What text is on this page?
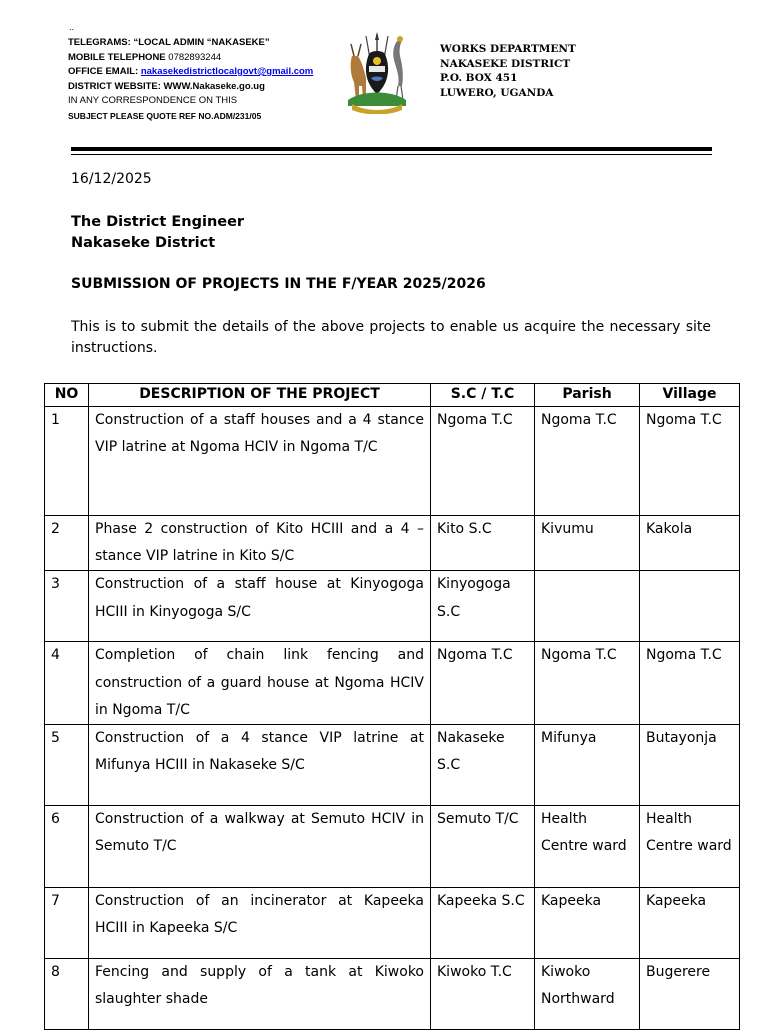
..
TELEGRAMS: “LOCAL ADMIN “NAKASEKE”
MOBILE TELEPHONE 0782893244
OFFICE EMAIL: nakasekedistrictlocalgovt@gmail.com
DISTRICT WEBSITE: WWW.Nakaseke.go.ug
IN ANY CORRESPONDENCE ON THIS
SUBJECT PLEASE QUOTE REF NO.ADM/231/05
WORKS DEPARTMENT
NAKASEKE DISTRICT
P.O. BOX 451
LUWERO, UGANDA
16/12/2025
The District Engineer
Nakaseke District
SUBMISSION OF PROJECTS IN THE F/YEAR 2025/2026
This is to submit the details of the above projects to enable us acquire the necessary site instructions.
NO	DESCRIPTION OF THE PROJECT	S.C / T.C	Parish	Village
1	Construction of a staff houses and a 4 stance VIP latrine at Ngoma HCIV in Ngoma T/C	Ngoma T.C	Ngoma T.C	Ngoma T.C
2	Phase 2 construction of Kito HCIII and a 4 –stance VIP latrine in Kito S/C	Kito S.C	Kivumu	Kakola
3	Construction of a staff house at Kinyogoga HCIII in Kinyogoga S/C	Kinyogoga S.C		
4	Completion of chain link fencing and construction of a guard house at Ngoma HCIV in Ngoma T/C	Ngoma T.C	Ngoma T.C	Ngoma T.C
5	Construction of a 4 stance VIP latrine at Mifunya HCIII in Nakaseke S/C	Nakaseke S.C	Mifunya	Butayonja
6	Construction of a walkway at Semuto HCIV in Semuto T/C	Semuto T/C	Health Centre ward	Health Centre ward
7	Construction of an incinerator at Kapeeka HCIII in Kapeeka S/C	Kapeeka S.C	Kapeeka	Kapeeka
8	Fencing and supply of a tank at Kiwoko slaughter shade	Kiwoko T.C	Kiwoko Northward	Bugerere
